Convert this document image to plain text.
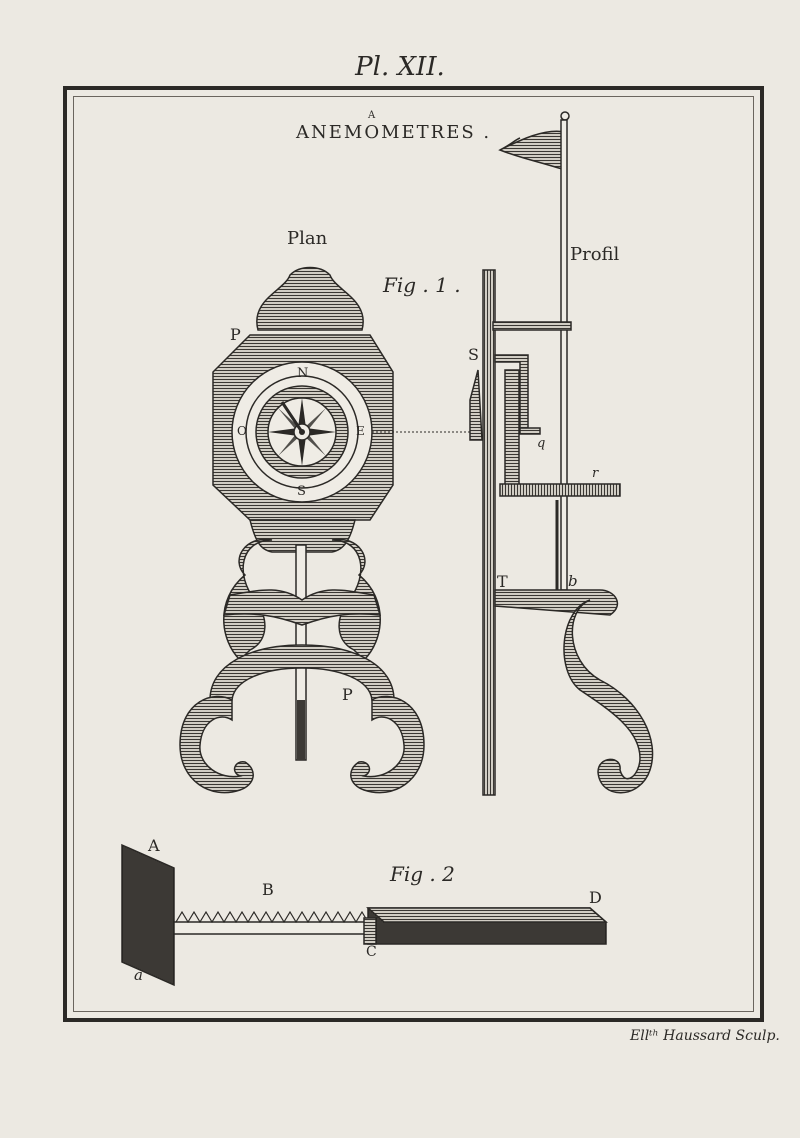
Pl. XII.
A
ANEMOMETRES .
Plan
Profil
Fig . 1 .
Fig . 2
P
P
S
N
S
E
O
q
r
T	b
A
B
C
D
a
Ellᵗʰ Haussard Sculp.
